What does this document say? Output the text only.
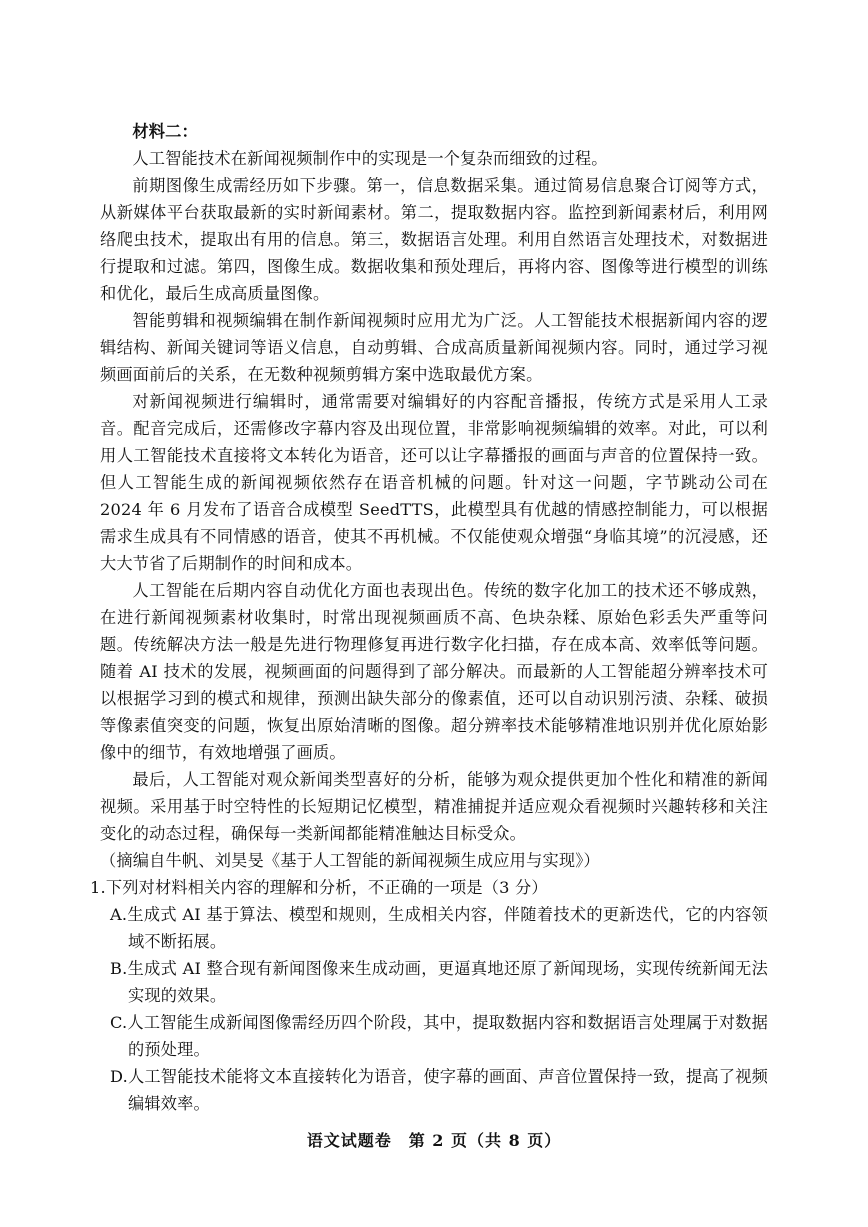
材料二：

人工智能技术在新闻视频制作中的实现是一个复杂而细致的过程。

前期图像生成需经历如下步骤。第一，信息数据采集。通过简易信息聚合订阅等方式，从新媒体平台获取最新的实时新闻素材。第二，提取数据内容。监控到新闻素材后，利用网络爬虫技术，提取出有用的信息。第三，数据语言处理。利用自然语言处理技术，对数据进行提取和过滤。第四，图像生成。数据收集和预处理后，再将内容、图像等进行模型的训练和优化，最后生成高质量图像。

智能剪辑和视频编辑在制作新闻视频时应用尤为广泛。人工智能技术根据新闻内容的逻辑结构、新闻关键词等语义信息，自动剪辑、合成高质量新闻视频内容。同时，通过学习视频画面前后的关系，在无数种视频剪辑方案中选取最优方案。

对新闻视频进行编辑时，通常需要对编辑好的内容配音播报，传统方式是采用人工录音。配音完成后，还需修改字幕内容及出现位置，非常影响视频编辑的效率。对此，可以利用人工智能技术直接将文本转化为语音，还可以让字幕播报的画面与声音的位置保持一致。但人工智能生成的新闻视频依然存在语音机械的问题。针对这一问题，字节跳动公司在 2024 年 6 月发布了语音合成模型 SeedTTS，此模型具有优越的情感控制能力，可以根据需求生成具有不同情感的语音，使其不再机械。不仅能使观众增强“身临其境”的沉浸感，还大大节省了后期制作的时间和成本。

人工智能在后期内容自动优化方面也表现出色。传统的数字化加工的技术还不够成熟，在进行新闻视频素材收集时，时常出现视频画质不高、色块杂糅、原始色彩丢失严重等问题。传统解决方法一般是先进行物理修复再进行数字化扫描，存在成本高、效率低等问题。随着 AI 技术的发展，视频画面的问题得到了部分解决。而最新的人工智能超分辨率技术可以根据学习到的模式和规律，预测出缺失部分的像素值，还可以自动识别污渍、杂糅、破损等像素值突变的问题，恢复出原始清晰的图像。超分辨率技术能够精准地识别并优化原始影像中的细节，有效地增强了画质。

最后，人工智能对观众新闻类型喜好的分析，能够为观众提供更加个性化和精准的新闻视频。采用基于时空特性的长短期记忆模型，精准捕捉并适应观众看视频时兴趣转移和关注变化的动态过程，确保每一类新闻都能精准触达目标受众。

（摘编自牛帆、刘昊旻《基于人工智能的新闻视频生成应用与实现》）

1.下列对材料相关内容的理解和分析，不正确的一项是（3 分）

A.生成式 AI 基于算法、模型和规则，生成相关内容，伴随着技术的更新迭代，它的内容领域不断拓展。

B.生成式 AI 整合现有新闻图像来生成动画，更逼真地还原了新闻现场，实现传统新闻无法实现的效果。

C.人工智能生成新闻图像需经历四个阶段，其中，提取数据内容和数据语言处理属于对数据的预处理。

D.人工智能技术能将文本直接转化为语音，使字幕的画面、声音位置保持一致，提高了视频编辑效率。

语文试题卷　第 2 页（共 8 页）
